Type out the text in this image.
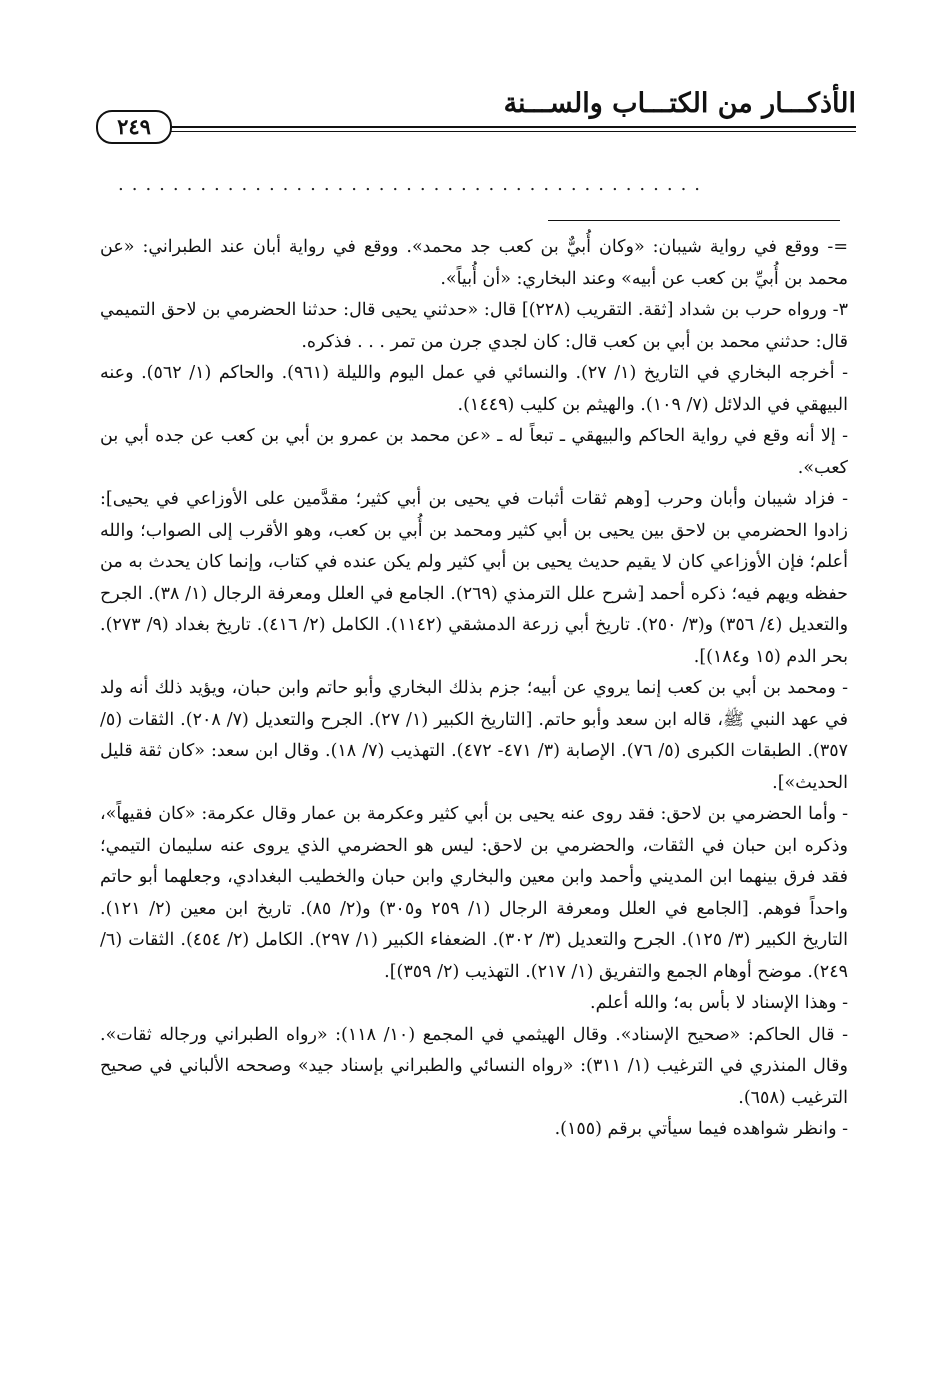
الأذكـــار من الكتـــاب والســـنة
٢٤٩
...........................................

=- ووقع في رواية شيبان: «وكان أُبيٌّ بن كعب جد محمد». ووقع في رواية أبان عند الطبراني: «عن محمد بن أُبيِّ بن كعب عن أبيه» وعند البخاري: «أن أُبياً».

٣- ورواه حرب بن شداد [ثقة. التقريب (٢٢٨)] قال: «حدثني يحيى قال: حدثنا الحضرمي بن لاحق التميمي قال: حدثني محمد بن أبي بن كعب قال: كان لجدي جرن من تمر . . . فذكره.

- أخرجه البخاري في التاريخ (١/ ٢٧). والنسائي في عمل اليوم والليلة (٩٦١). والحاكم (١/ ٥٦٢). وعنه البيهقي في الدلائل (٧/ ١٠٩). والهيثم بن كليب (١٤٤٩).

- إلا أنه وقع في رواية الحاكم والبيهقي ـ تبعاً له ـ «عن محمد بن عمرو بن أبي بن كعب عن جده أبي بن كعب».

- فزاد شيبان وأبان وحرب [وهم ثقات أثبات في يحيى بن أبي كثير؛ مقدَّمين على الأوزاعي في يحيى]: زادوا الحضرمي بن لاحق بين يحيى بن أبي كثير ومحمد بن أُبي بن كعب، وهو الأقرب إلى الصواب؛ والله أعلم؛ فإن الأوزاعي كان لا يقيم حديث يحيى بن أبي كثير ولم يكن عنده في كتاب، وإنما كان يحدث به من حفظه ويهم فيه؛ ذكره أحمد [شرح علل الترمذي (٢٦٩). الجامع في العلل ومعرفة الرجال (١/ ٣٨). الجرح والتعديل (٤/ ٣٥٦) و(٣/ ٢٥٠). تاريخ أبي زرعة الدمشقي (١١٤٢). الكامل (٢/ ٤١٦). تاريخ بغداد (٩/ ٢٧٣). بحر الدم (١٥ و١٨٤)].

- ومحمد بن أبي بن كعب إنما يروي عن أبيه؛ جزم بذلك البخاري وأبو حاتم وابن حبان، ويؤيد ذلك أنه ولد في عهد النبي ﷺ، قاله ابن سعد وأبو حاتم. [التاريخ الكبير (١/ ٢٧). الجرح والتعديل (٧/ ٢٠٨). الثقات (٥/ ٣٥٧). الطبقات الكبرى (٥/ ٧٦). الإصابة (٣/ ٤٧١- ٤٧٢). التهذيب (٧/ ١٨). وقال ابن سعد: «كان ثقة قليل الحديث»].

- وأما الحضرمي بن لاحق: فقد روى عنه يحيى بن أبي كثير وعكرمة بن عمار وقال عكرمة: «كان فقيهاً»، وذكره ابن حبان في الثقات، والحضرمي بن لاحق: ليس هو الحضرمي الذي يروى عنه سليمان التيمي؛ فقد فرق بينهما ابن المديني وأحمد وابن معين والبخاري وابن حبان والخطيب البغدادي، وجعلهما أبو حاتم واحداً فوهم. [الجامع في العلل ومعرفة الرجال (١/ ٢٥٩ و٣٠٥) و(٢/ ٨٥). تاريخ ابن معين (٢/ ١٢١). التاريخ الكبير (٣/ ١٢٥). الجرح والتعديل (٣/ ٣٠٢). الضعفاء الكبير (١/ ٢٩٧). الكامل (٢/ ٤٥٤). الثقات (٦/ ٢٤٩). موضح أوهام الجمع والتفريق (١/ ٢١٧). التهذيب (٢/ ٣٥٩)].

- وهذا الإسناد لا بأس به؛ والله أعلم.

- قال الحاكم: «صحيح الإسناد». وقال الهيثمي في المجمع (١٠/ ١١٨): «رواه الطبراني ورجاله ثقات». وقال المنذري في الترغيب (١/ ٣١١): «رواه النسائي والطبراني بإسناد جيد» وصححه الألباني في صحيح الترغيب (٦٥٨).

- وانظر شواهده فيما سيأتي برقم (١٥٥).
